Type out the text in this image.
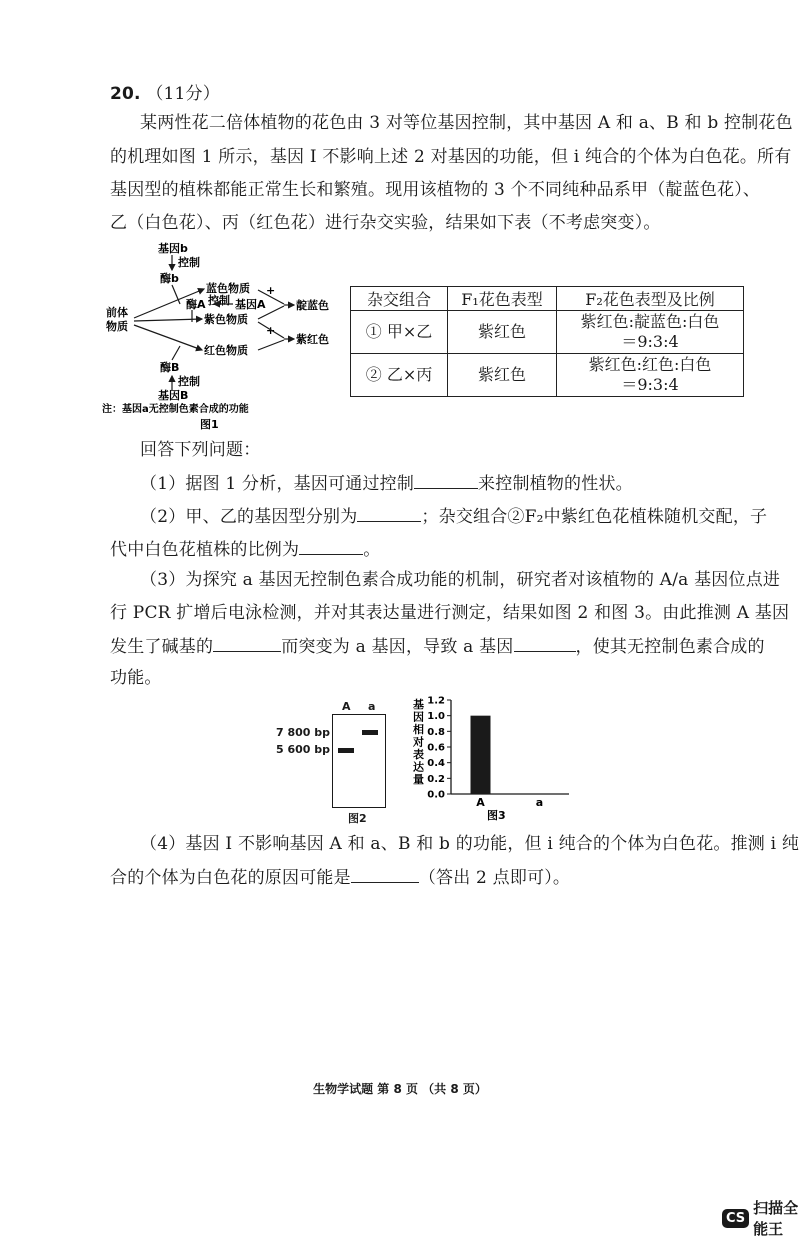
20. （11分）
某两性花二倍体植物的花色由 3 对等位基因控制，其中基因 A 和 a、B 和 b 控制花色
的机理如图 1 所示，基因 I 不影响上述 2 对基因的功能，但 i 纯合的个体为白色花。所有
基因型的植株都能正常生长和繁殖。现用该植物的 3 个不同纯种品系甲（靛蓝色花）、
乙（白色花）、丙（红色花）进行杂交实验，结果如下表（不考虑突变）。
基因b
控制
酶b
蓝色物质
控制
酶A	基因A
紫色物质
+
前体
物质
靛蓝色
+
红色物质
紫红色
酶B
控制
基因B
注：基因a无控制色素合成的功能
图1
杂交组合	F₁花色表型	F₂花色表型及比例
① 甲×乙	紫红色	紫红色:靛蓝色:白色
＝9:3:4

② 乙×丙	紫红色	紫红色:红色:白色
＝9:3:4
回答下列问题：
（1）据图 1 分析，基因可通过控制	来控制植物的性状。
（2）甲、乙的基因型分别为	；杂交组合②F₂中紫红色花植株随机交配，子
代中白色花植株的比例为	。
（3）为探究 a 基因无控制色素合成功能的机制，研究者对该植物的 A/a 基因位点进
行 PCR 扩增后电泳检测，并对其表达量进行测定，结果如图 2 和图 3。由此推测 A 基因
发生了碱基的	而突变为 a 基因，导致 a 基因	，使其无控制色素合成的
功能。
A a
7 800 bp
5 600 bp
图2
基
因
相
对
表
达
量
1.2
1.0
0.8
0.6
0.4
0.2
0.0
A	a
图3
（4）基因 I 不影响基因 A 和 a、B 和 b 的功能，但 i 纯合的个体为白色花。推测 i 纯
合的个体为白色花的原因可能是	（答出 2 点即可）。
生物学试题 第 8 页 （共 8 页）
CS
扫描全能王
